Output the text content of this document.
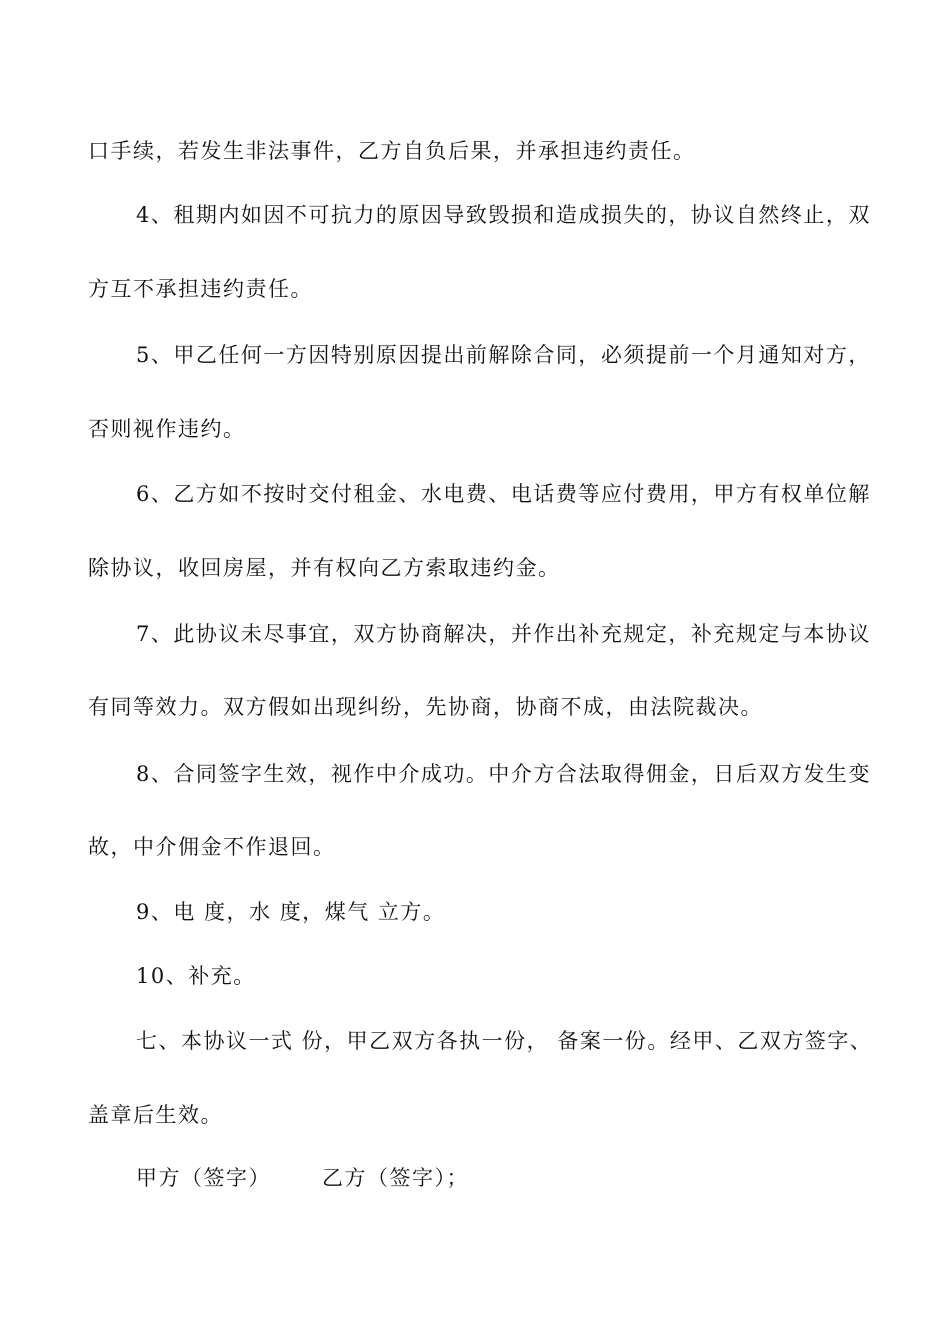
口手续，若发生非法事件，乙方自负后果，并承担违约责任。
4、租期内如因不可抗力的原因导致毁损和造成损失的，协议自然终止，双
方互不承担违约责任。
5、甲乙任何一方因特别原因提出前解除合同，必须提前一个月通知对方，
否则视作违约。
6、乙方如不按时交付租金、水电费、电话费等应付费用，甲方有权单位解
除协议，收回房屋，并有权向乙方索取违约金。
7、此协议未尽事宜，双方协商解决，并作出补充规定，补充规定与本协议
有同等效力。双方假如出现纠纷，先协商，协商不成，由法院裁决。
8、合同签字生效，视作中介成功。中介方合法取得佣金，日后双方发生变
故，中介佣金不作退回。
9、电 度，水 度，煤气 立方。
10、补充。
七、本协议一式 份，甲乙双方各执一份， 备案一份。经甲、乙双方签字、
盖章后生效。
甲方（签字） 乙方（签字）；
